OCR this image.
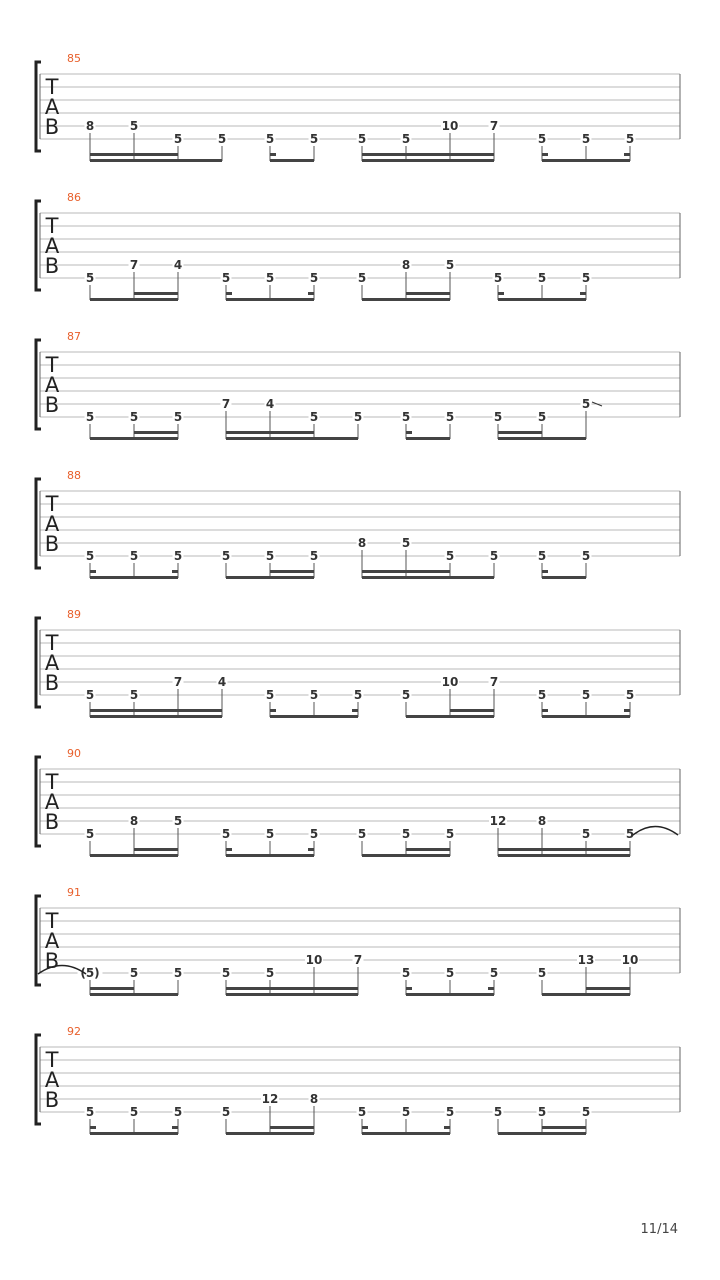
85
T
A
B 8	5
5	5	5	5	5	5
10	7
5	5	5
86
T
A
B 5
7	4
5	5	5	5
8	5
5	5	5
87
T
A
B 5	5	5
7	4
5	5	5	5	5	5
5
88
T
A
B 5	5	5	5	5	5
8	5
5	5	5	5
89
T
A
B 5	5
7	4
5	5	5	5
10	7
5	5	5
90
T
A
B 5
8	5
5	5	5	5	5	5
12	8
5	5
91
T
A
B (5)	5	5	5	5
10	7
5	5	5	5
13 10
92
T
A
B 5	5	5	5
12	8
5	5	5	5	5	5
11/14
